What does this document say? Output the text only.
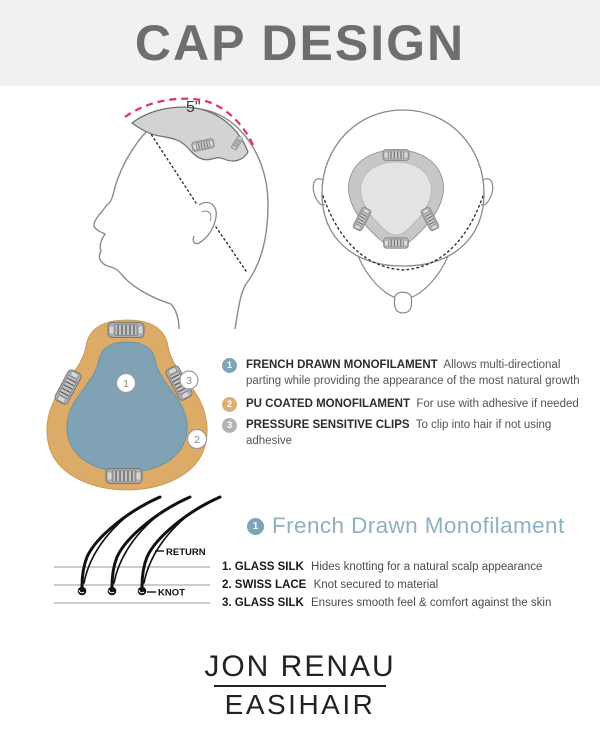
CAP DESIGN
5"
1	3
2
1	FRENCH DRAWN MONOFILAMENT Allows multi-directional parting while providing the appearance of the most natural growth

2	PU COATED MONOFILAMENT For use with adhesive if needed

3	PRESSURE SENSITIVE CLIPS To clip into hair if not using adhesive

1 French Drawn Monofilament
RETURN
KNOT
1. GLASS SILK Hides knotting for a natural scalp appearance
2. SWISS LACE Knot secured to material
3. GLASS SILK Ensures smooth feel & comfort against the skin
JON RENAU
EASIHAIR
